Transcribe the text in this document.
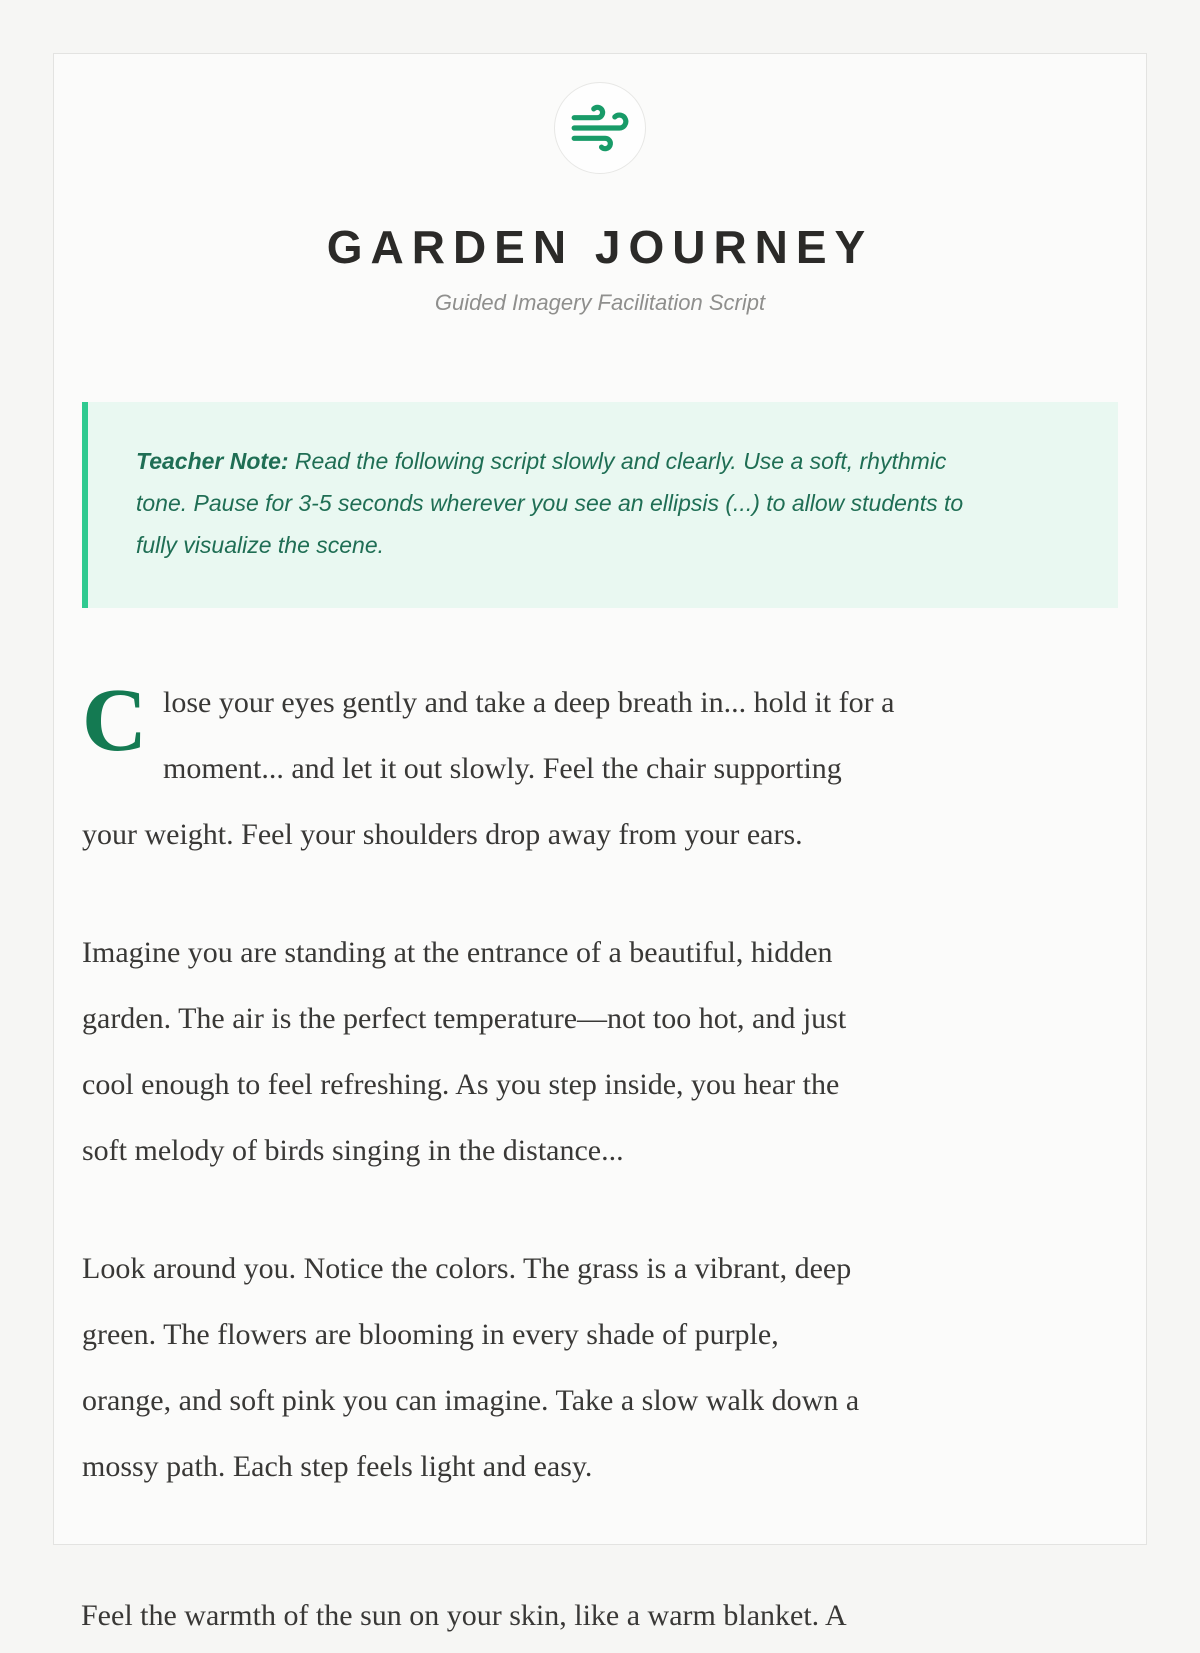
GARDEN JOURNEY
Guided Imagery Facilitation Script
Teacher Note: Read the following script slowly and clearly. Use a soft, rhythmic tone. Pause for 3-5 seconds wherever you see an ellipsis (...) to allow students to fully visualize the scene.
C lose your eyes gently and take a deep breath in... hold it for a
moment... and let it out slowly. Feel the chair supporting
your weight. Feel your shoulders drop away from your ears.
Imagine you are standing at the entrance of a beautiful, hidden
garden. The air is the perfect temperature—not too hot, and just
cool enough to feel refreshing. As you step inside, you hear the
soft melody of birds singing in the distance...
Look around you. Notice the colors. The grass is a vibrant, deep
green. The flowers are blooming in every shade of purple,
orange, and soft pink you can imagine. Take a slow walk down a
mossy path. Each step feels light and easy.
Feel the warmth of the sun on your skin, like a warm blanket. A
